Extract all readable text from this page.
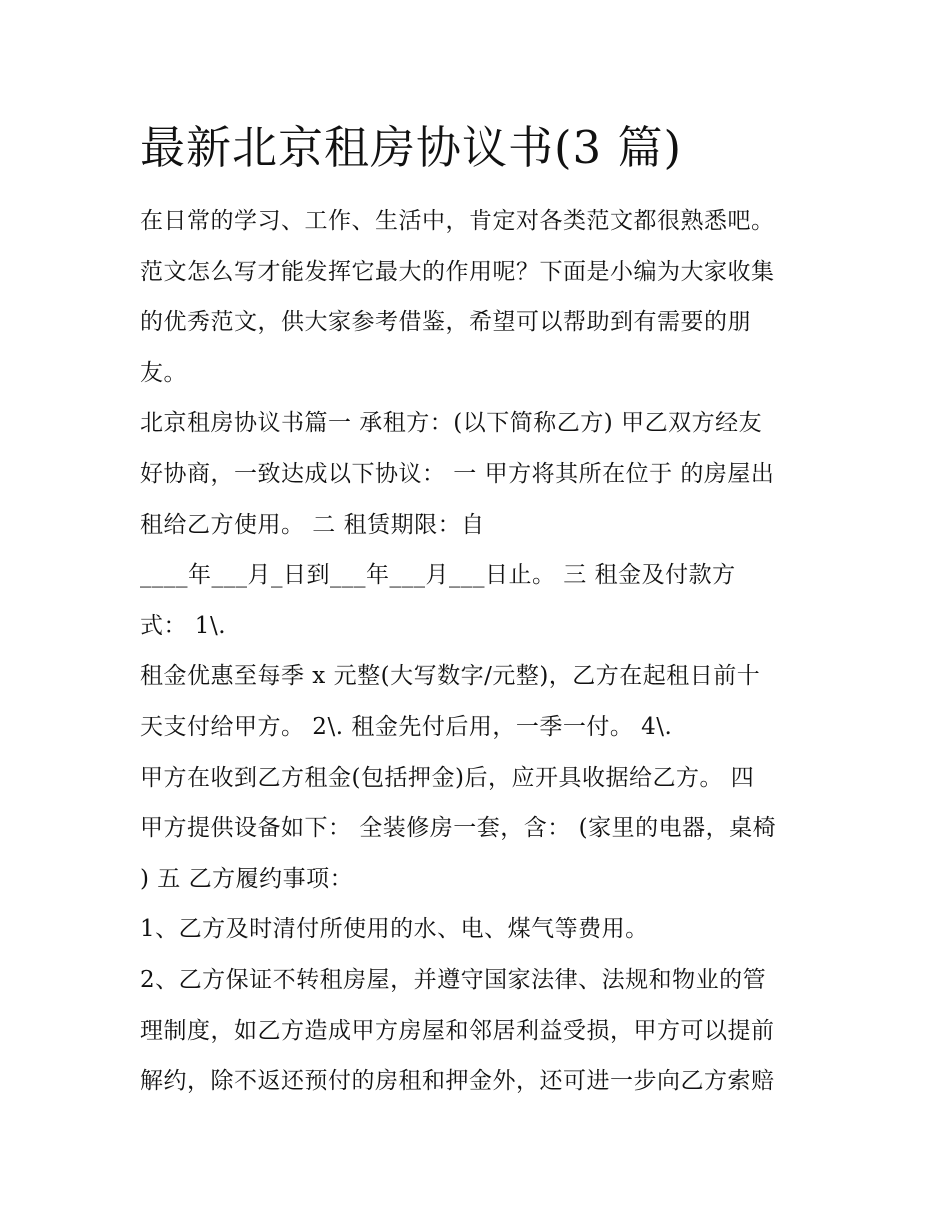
最新北京租房协议书(3 篇)
在日常的学习、工作、生活中，肯定对各类范文都很熟悉吧。
范文怎么写才能发挥它最大的作用呢？下面是小编为大家收集
的优秀范文，供大家参考借鉴，希望可以帮助到有需要的朋
友。
北京租房协议书篇一 承租方：(以下简称乙方) 甲乙双方经友
好协商，一致达成以下协议： 一 甲方将其所在位于 的房屋出
租给乙方使用。 二 租赁期限：自
____年___月_日到___年___月___日止。 三 租金及付款方
式： 1\.
租金优惠至每季 x 元整(大写数字/元整)，乙方在起租日前十
天支付给甲方。 2\. 租金先付后用，一季一付。 4\.
甲方在收到乙方租金(包括押金)后，应开具收据给乙方。 四
甲方提供设备如下： 全装修房一套，含： (家里的电器，桌椅
) 五 乙方履约事项：
1、乙方及时清付所使用的水、电、煤气等费用。
2、乙方保证不转租房屋，并遵守国家法律、法规和物业的管
理制度，如乙方造成甲方房屋和邻居利益受损，甲方可以提前
解约，除不返还预付的房租和押金外，还可进一步向乙方索赔
